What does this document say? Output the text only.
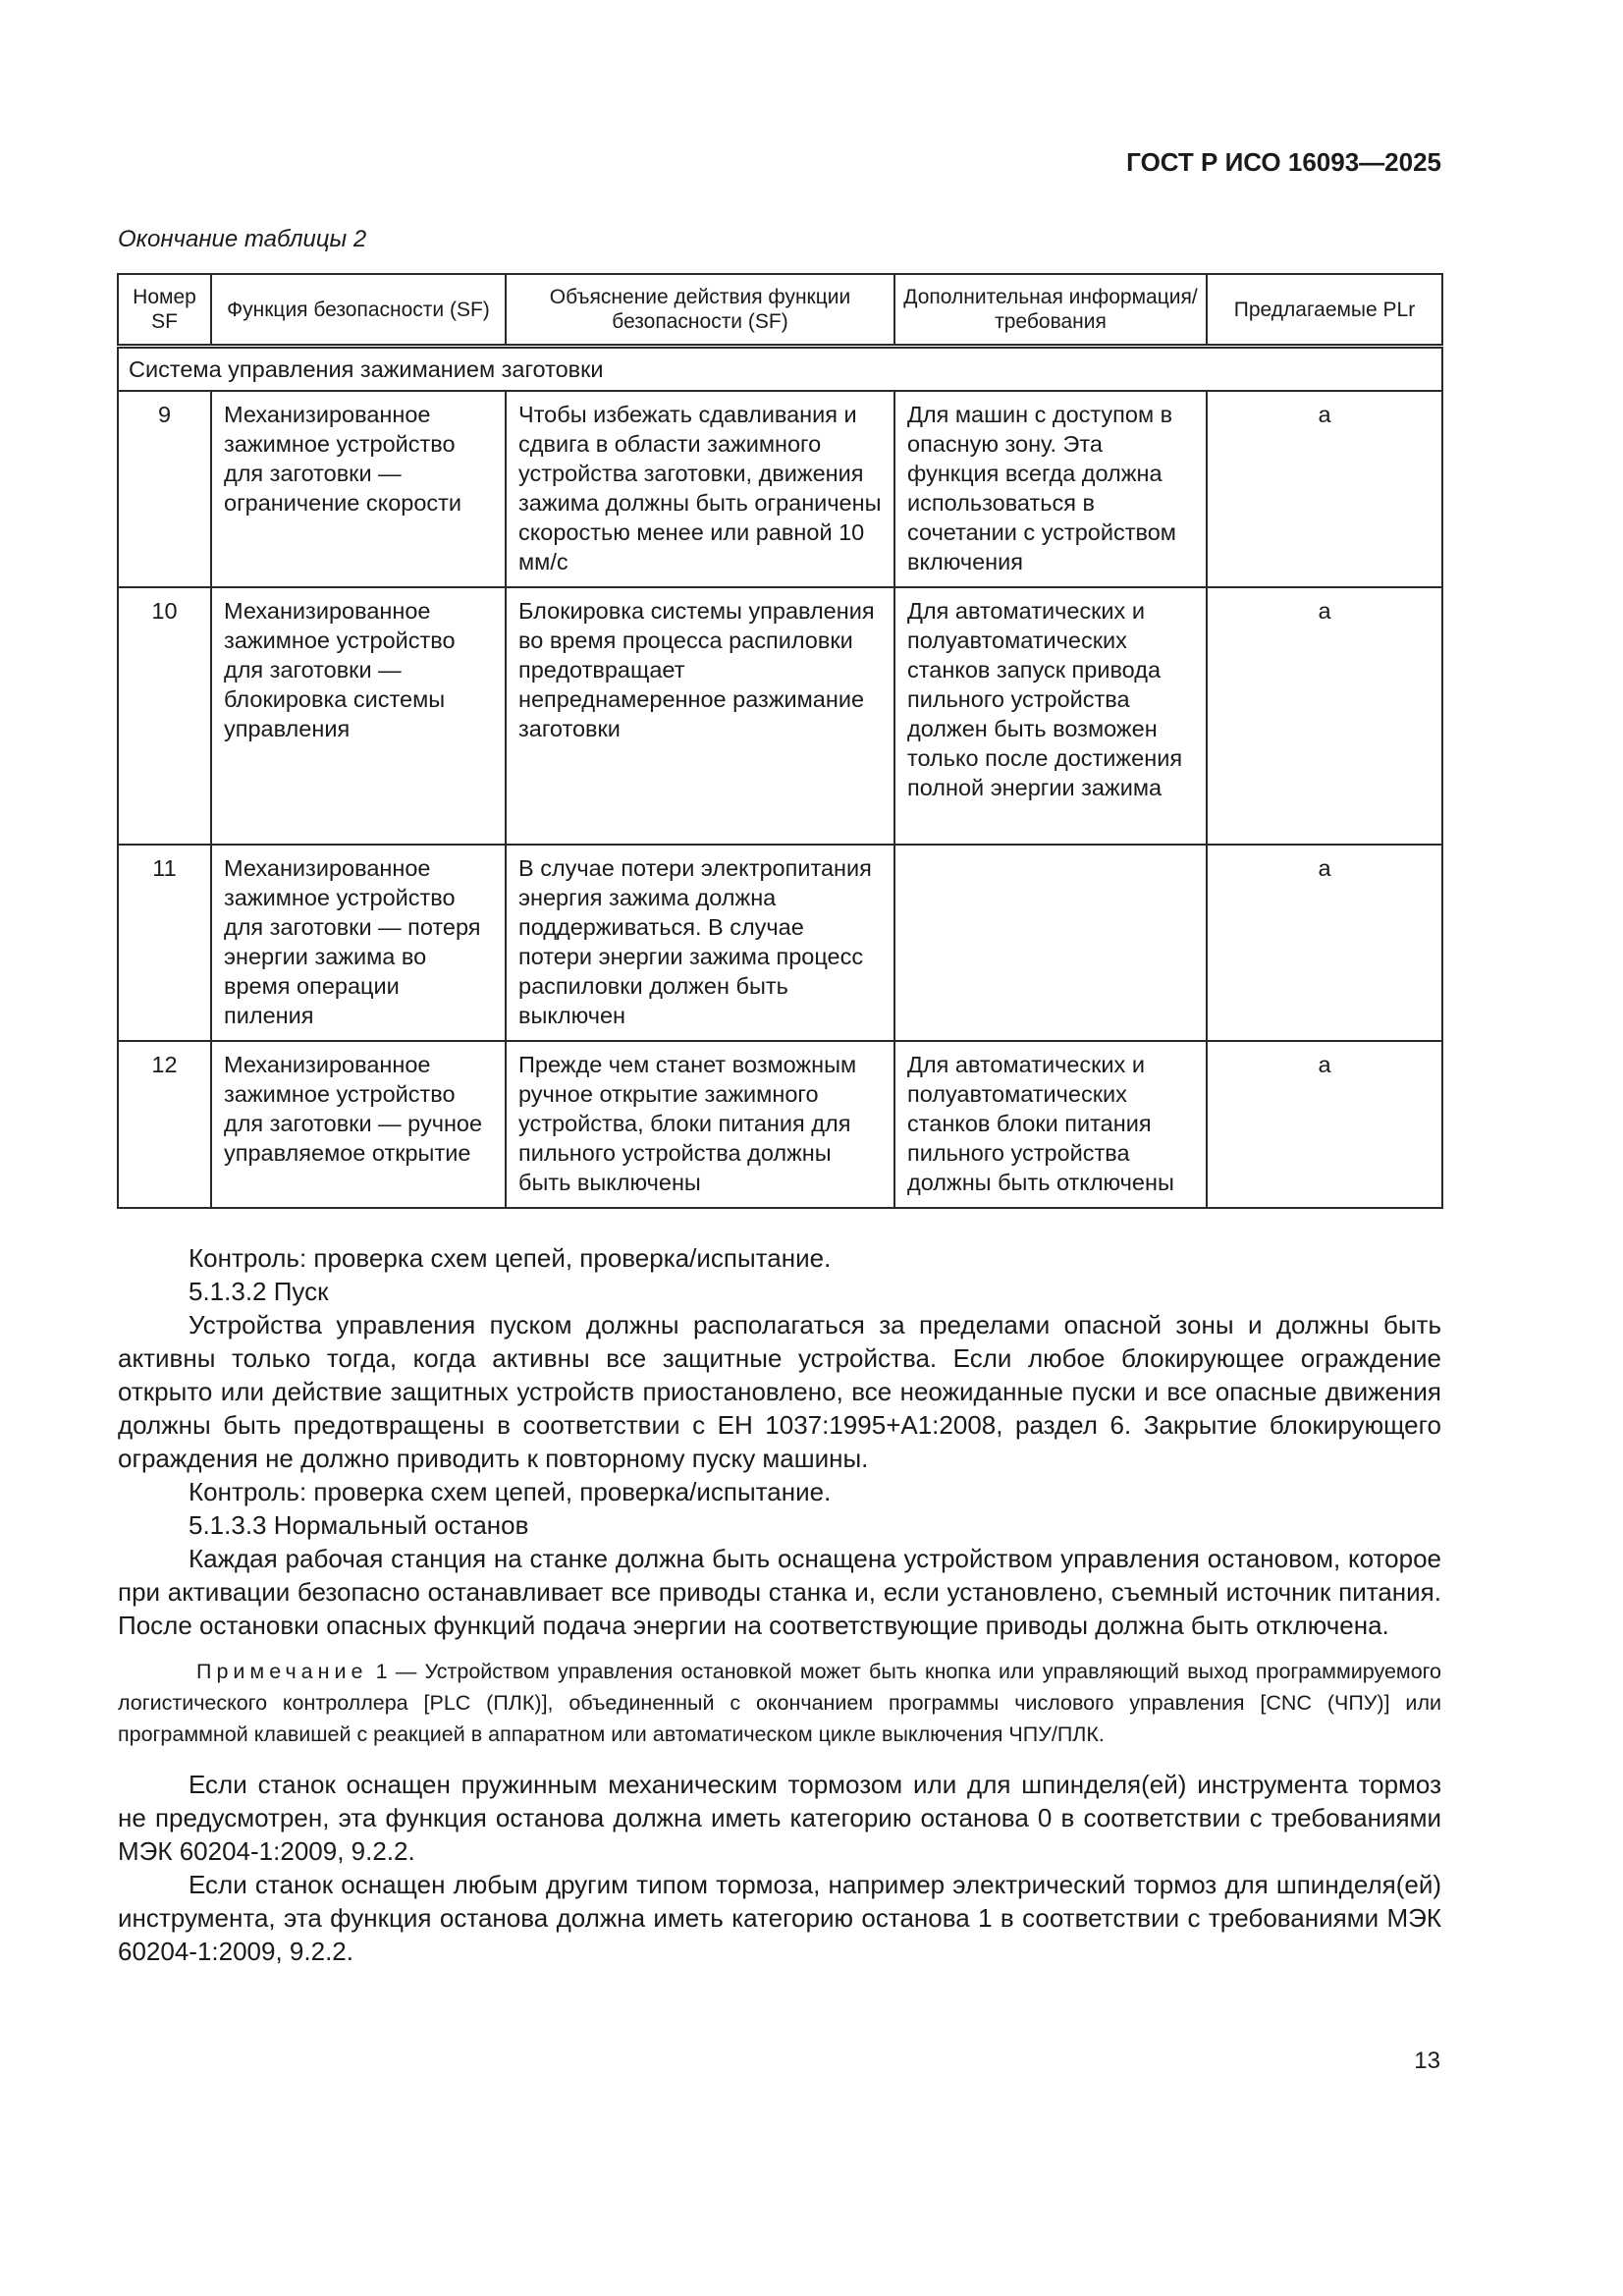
ГОСТ Р ИСО 16093—2025
Окончание таблицы 2
Номер SF	Функция безопасности (SF)	Объяснение действия функции безопасности (SF)	Дополнительная информация/требования	Предлагаемые PLr
Система управления зажиманием заготовки				
9	Механизированное зажимное устройство для заготовки — ограничение скорости	Чтобы избежать сдавливания и сдвига в области зажимного устройства заготовки, движения зажима должны быть ограничены скоростью менее или равной 10 мм/с	Для машин с доступом в опасную зону. Эта функция всегда должна использоваться в сочетании с устройством включения	a
10	Механизированное зажимное устройство для заготовки — блокировка системы управления	Блокировка системы управления во время процесса распиловки предотвращает непреднамеренное разжимание заготовки	Для автоматических и полуавтоматических станков запуск привода пильного устройства должен быть возможен только после достижения полной энергии зажима	a
11	Механизированное зажимное устройство для заготовки — потеря энергии зажима во время операции пиления	В случае потери электропитания энергия зажима должна поддерживаться. В случае потери энергии зажима процесс распиловки должен быть выключен		a
12	Механизированное зажимное устройство для заготовки — ручное управляемое открытие	Прежде чем станет возможным ручное открытие зажимного устройства, блоки питания для пильного устройства должны быть выключены	Для автоматических и полуавтоматических станков блоки питания пильного устройства должны быть отключены	a

Контроль: проверка схем цепей, проверка/испытание.

5.1.3.2 Пуск

Устройства управления пуском должны располагаться за пределами опасной зоны и должны быть активны только тогда, когда активны все защитные устройства. Если любое блокирующее ограждение открыто или действие защитных устройств приостановлено, все неожиданные пуски и все опасные движения должны быть предотвращены в соответствии с ЕН 1037:1995+А1:2008, раздел 6. Закрытие блокирующего ограждения не должно приводить к повторному пуску машины.

Контроль: проверка схем цепей, проверка/испытание.

5.1.3.3 Нормальный останов

Каждая рабочая станция на станке должна быть оснащена устройством управления остановом, которое при активации безопасно останавливает все приводы станка и, если установлено, съемный источник питания. После остановки опасных функций подача энергии на соответствующие приводы должна быть отключена.

Примечание 1 — Устройством управления остановкой может быть кнопка или управляющий выход программируемого логистического контроллера [PLC (ПЛК)], объединенный с окончанием программы числового управления [CNC (ЧПУ)] или программной клавишей с реакцией в аппаратном или автоматическом цикле выключения ЧПУ/ПЛК.

Если станок оснащен пружинным механическим тормозом или для шпинделя(ей) инструмента тормоз не предусмотрен, эта функция останова должна иметь категорию останова 0 в соответствии с требованиями МЭК 60204-1:2009, 9.2.2.

Если станок оснащен любым другим типом тормоза, например электрический тормоз для шпинделя(ей) инструмента, эта функция останова должна иметь категорию останова 1 в соответствии с требованиями МЭК 60204-1:2009, 9.2.2.

13
